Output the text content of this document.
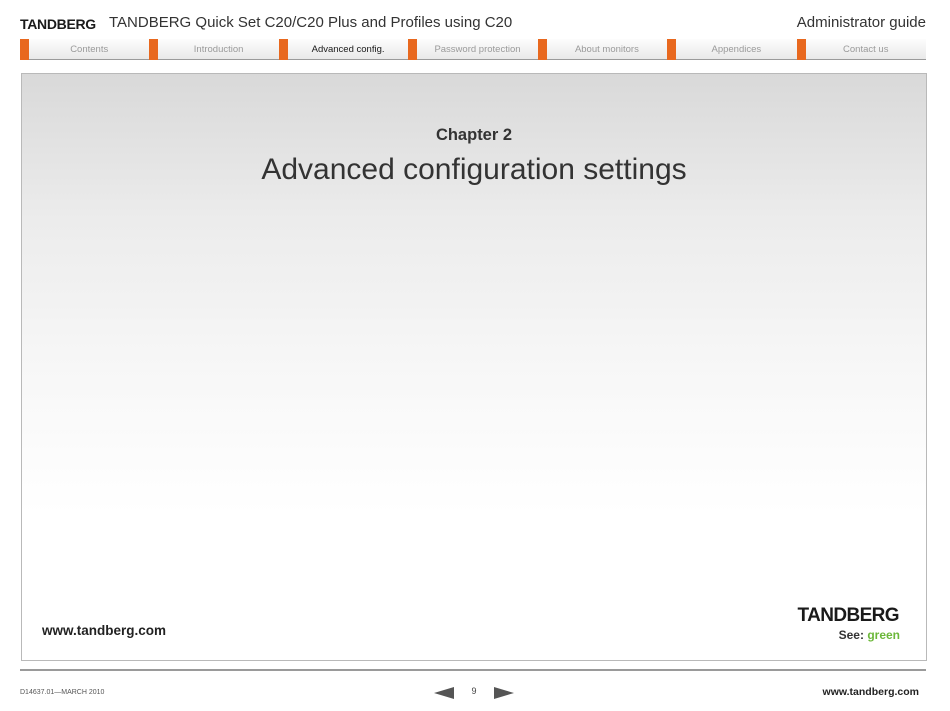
TANDBERG TANDBERG Quick Set C20/C20 Plus and Profiles using C20	Administrator guide
Contents	Introduction	Advanced config.	Password protection	About monitors	Appendices	Contact us
Chapter 2
Advanced configuration settings
www.tandberg.com
TANDBERG
See: green
D14637.01—MARCH 2010	9	www.tandberg.com
